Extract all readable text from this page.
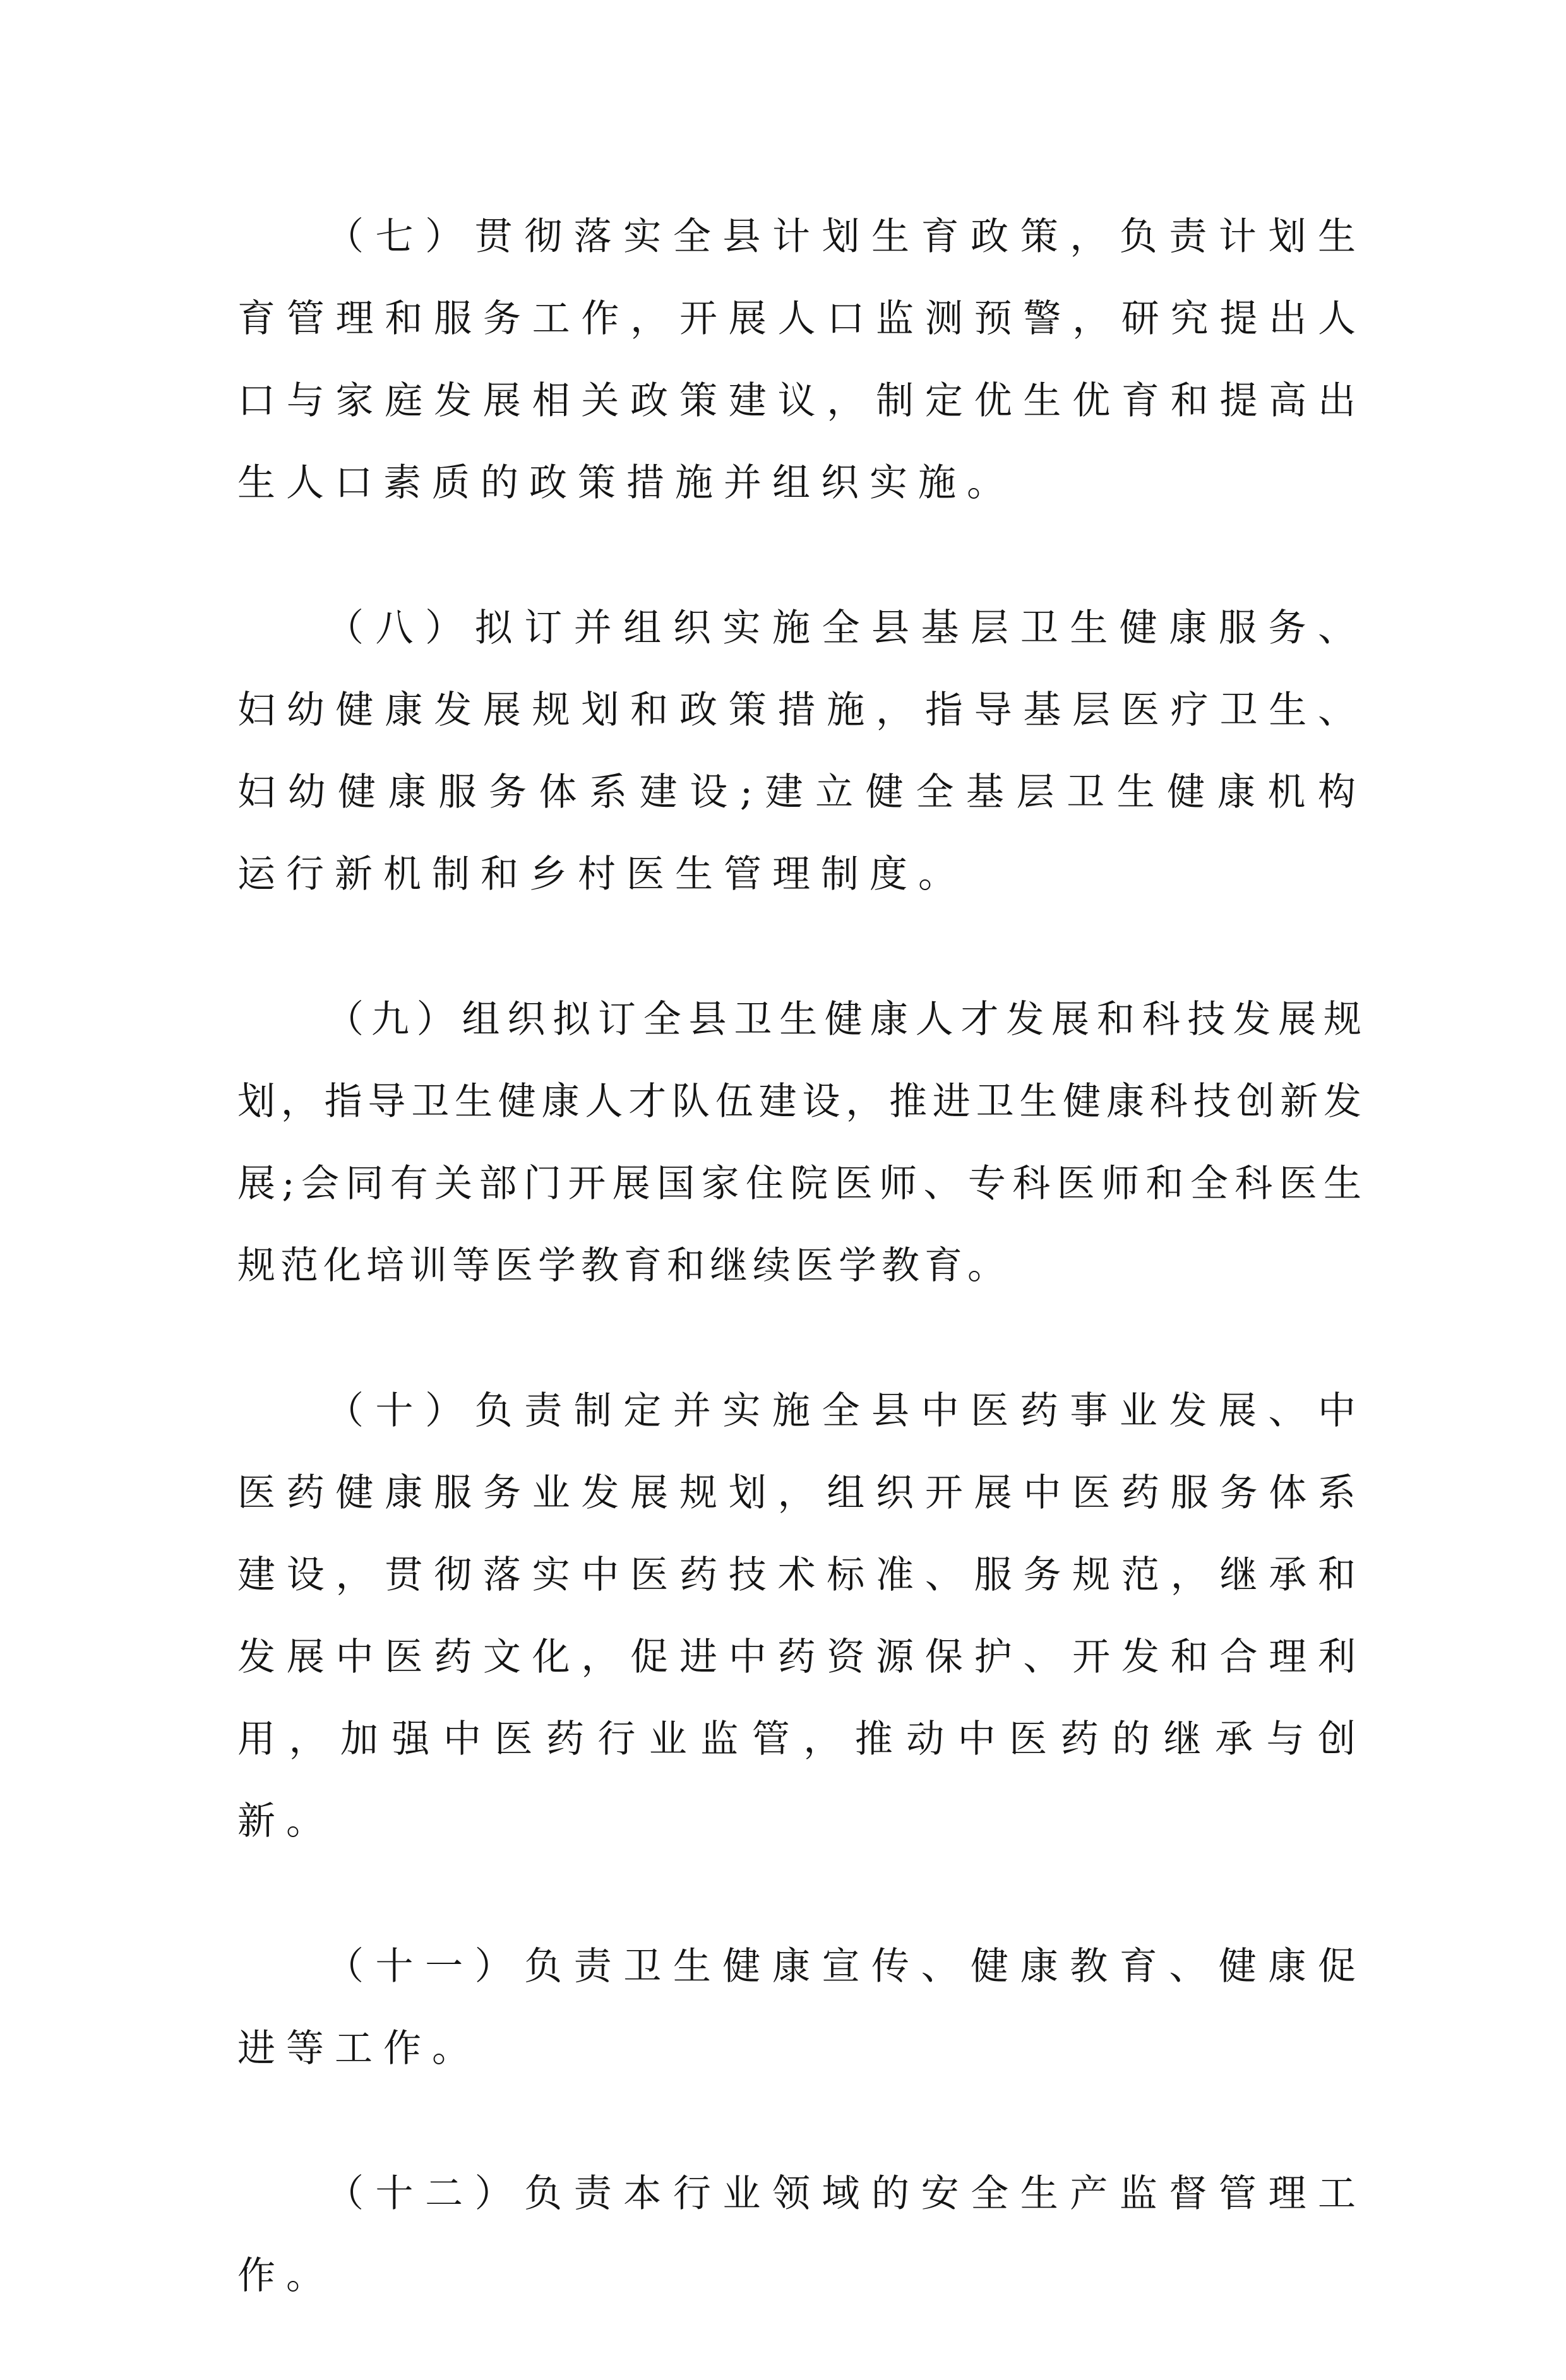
（七）贯彻落实全县计划生育政策，负责计划生育管理和服务工作，开展人口监测预警，研究提出人口与家庭发展相关政策建议，制定优生优育和提高出生人口素质的政策措施并组织实施。

（八）拟订并组织实施全县基层卫生健康服务、妇幼健康发展规划和政策措施，指导基层医疗卫生、妇幼健康服务体系建设;建立健全基层卫生健康机构运行新机制和乡村医生管理制度。

（九）组织拟订全县卫生健康人才发展和科技发展规划，指导卫生健康人才队伍建设，推进卫生健康科技创新发展;会同有关部门开展国家住院医师、专科医师和全科医生规范化培训等医学教育和继续医学教育。

（十）负责制定并实施全县中医药事业发展、中医药健康服务业发展规划，组织开展中医药服务体系建设，贯彻落实中医药技术标准、服务规范，继承和发展中医药文化，促进中药资源保护、开发和合理利用，加强中医药行业监管，推动中医药的继承与创新。

（十一）负责卫生健康宣传、健康教育、健康促进等工作。

（十二）负责本行业领域的安全生产监督管理工作。
